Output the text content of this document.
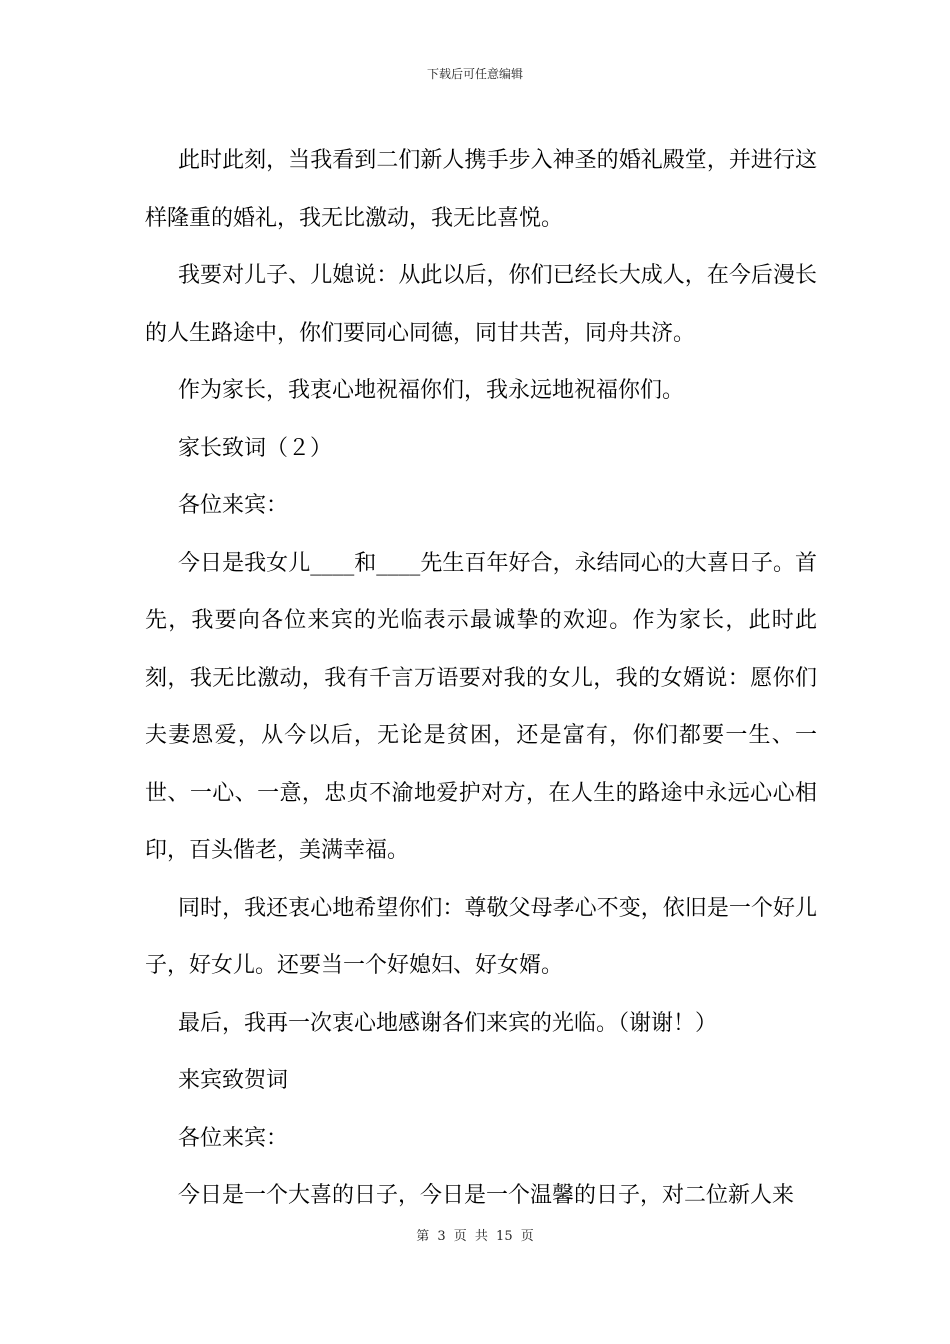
下载后可任意编辑

此时此刻，当我看到二们新人携手步入神圣的婚礼殿堂，并进行这样隆重的婚礼，我无比激动，我无比喜悦。

我要对儿子、儿媳说：从此以后，你们已经长大成人，在今后漫长的人生路途中，你们要同心同德，同甘共苦，同舟共济。

作为家长，我衷心地祝福你们，我永远地祝福你们。

家长致词（２）

各位来宾：

今日是我女儿____和____先生百年好合，永结同心的大喜日子。首先，我要向各位来宾的光临表示最诚挚的欢迎。作为家长，此时此刻，我无比激动，我有千言万语要对我的女儿，我的女婿说：愿你们夫妻恩爱，从今以后，无论是贫困，还是富有，你们都要一生、一世、一心、一意，忠贞不渝地爱护对方，在人生的路途中永远心心相印，百头偕老，美满幸福。

同时，我还衷心地希望你们：尊敬父母孝心不变，依旧是一个好儿子，好女儿。还要当一个好媳妇、好女婿。

最后，我再一次衷心地感谢各们来宾的光临。（谢谢！）

来宾致贺词

各位来宾：

今日是一个大喜的日子，今日是一个温馨的日子，对二位新人来

第 3 页 共 15 页
